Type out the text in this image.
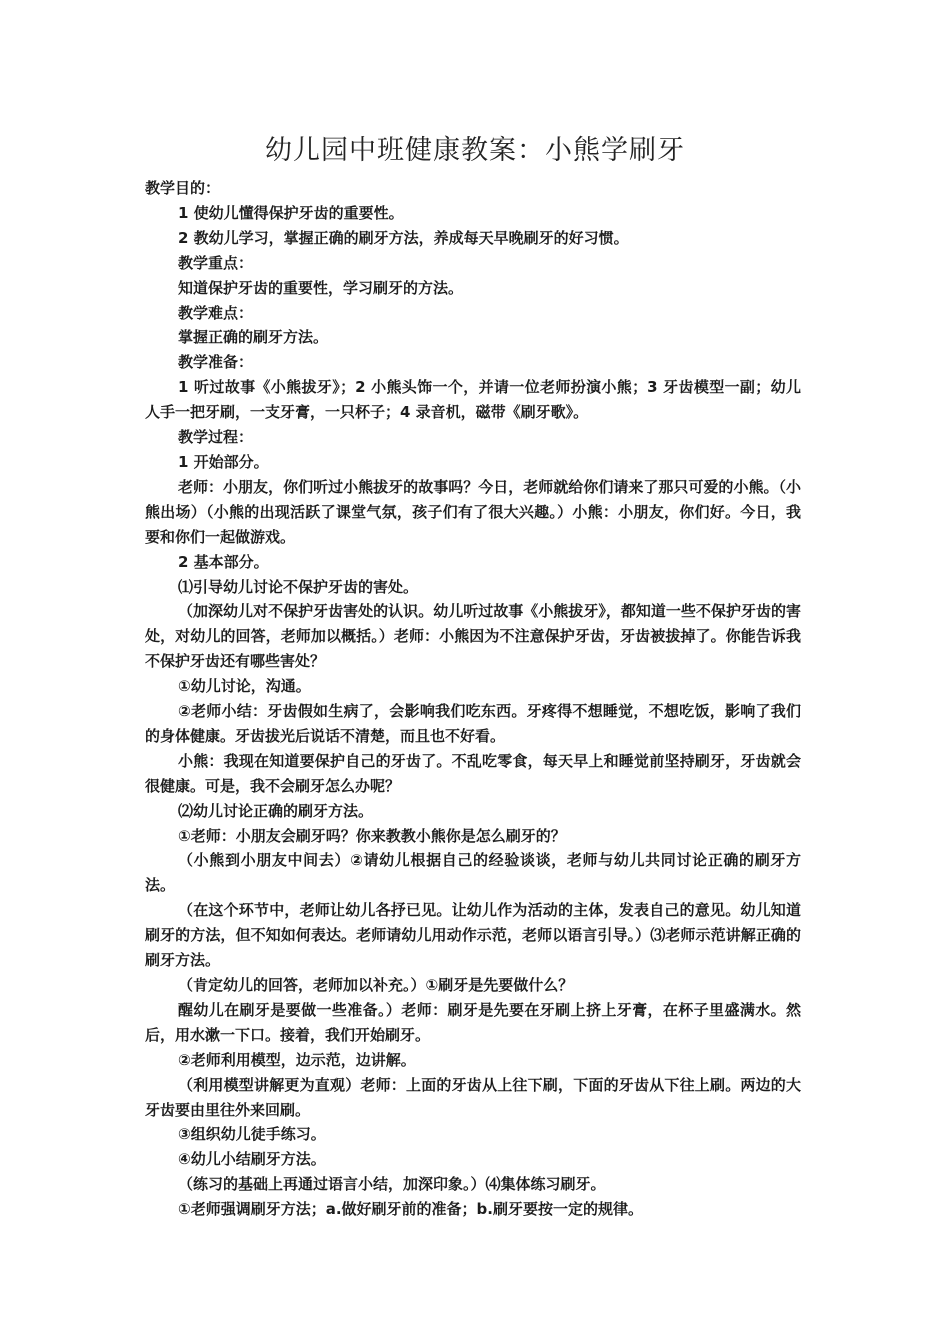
幼儿园中班健康教案：小熊学刷牙

教学目的：

1 使幼儿懂得保护牙齿的重要性。

2 教幼儿学习，掌握正确的刷牙方法，养成每天早晚刷牙的好习惯。

教学重点：

知道保护牙齿的重要性，学习刷牙的方法。

教学难点：

掌握正确的刷牙方法。

教学准备：

1 听过故事《小熊拔牙》；2 小熊头饰一个，并请一位老师扮演小熊；3 牙齿模型一副；幼儿人手一把牙刷，一支牙膏，一只杯子；4 录音机，磁带《刷牙歌》。

教学过程：

1 开始部分。

老师：小朋友，你们听过小熊拔牙的故事吗？今日，老师就给你们请来了那只可爱的小熊。（小熊出场）（小熊的出现活跃了课堂气氛，孩子们有了很大兴趣。）小熊：小朋友，你们好。今日，我要和你们一起做游戏。

2 基本部分。

⑴引导幼儿讨论不保护牙齿的害处。

（加深幼儿对不保护牙齿害处的认识。幼儿听过故事《小熊拔牙》，都知道一些不保护牙齿的害处，对幼儿的回答，老师加以概括。）老师：小熊因为不注意保护牙齿，牙齿被拔掉了。你能告诉我不保护牙齿还有哪些害处？

①幼儿讨论，沟通。

②老师小结：牙齿假如生病了，会影响我们吃东西。牙疼得不想睡觉，不想吃饭，影响了我们的身体健康。牙齿拔光后说话不清楚，而且也不好看。

小熊：我现在知道要保护自己的牙齿了。不乱吃零食，每天早上和睡觉前坚持刷牙，牙齿就会很健康。可是，我不会刷牙怎么办呢？

⑵幼儿讨论正确的刷牙方法。

①老师：小朋友会刷牙吗？你来教教小熊你是怎么刷牙的？

（小熊到小朋友中间去）②请幼儿根据自己的经验谈谈，老师与幼儿共同讨论正确的刷牙方法。

（在这个环节中，老师让幼儿各抒已见。让幼儿作为活动的主体，发表自己的意见。幼儿知道刷牙的方法，但不知如何表达。老师请幼儿用动作示范，老师以语言引导。）⑶老师示范讲解正确的刷牙方法。

（肯定幼儿的回答，老师加以补充。）①刷牙是先要做什么？

醒幼儿在刷牙是要做一些准备。）老师：刷牙是先要在牙刷上挤上牙膏，在杯子里盛满水。然后，用水漱一下口。接着，我们开始刷牙。

②老师利用模型，边示范，边讲解。

（利用模型讲解更为直观）老师：上面的牙齿从上往下刷，下面的牙齿从下往上刷。两边的大牙齿要由里往外来回刷。

③组织幼儿徒手练习。

④幼儿小结刷牙方法。

（练习的基础上再通过语言小结，加深印象。）⑷集体练习刷牙。

①老师强调刷牙方法；a.做好刷牙前的准备；b.刷牙要按一定的规律。
